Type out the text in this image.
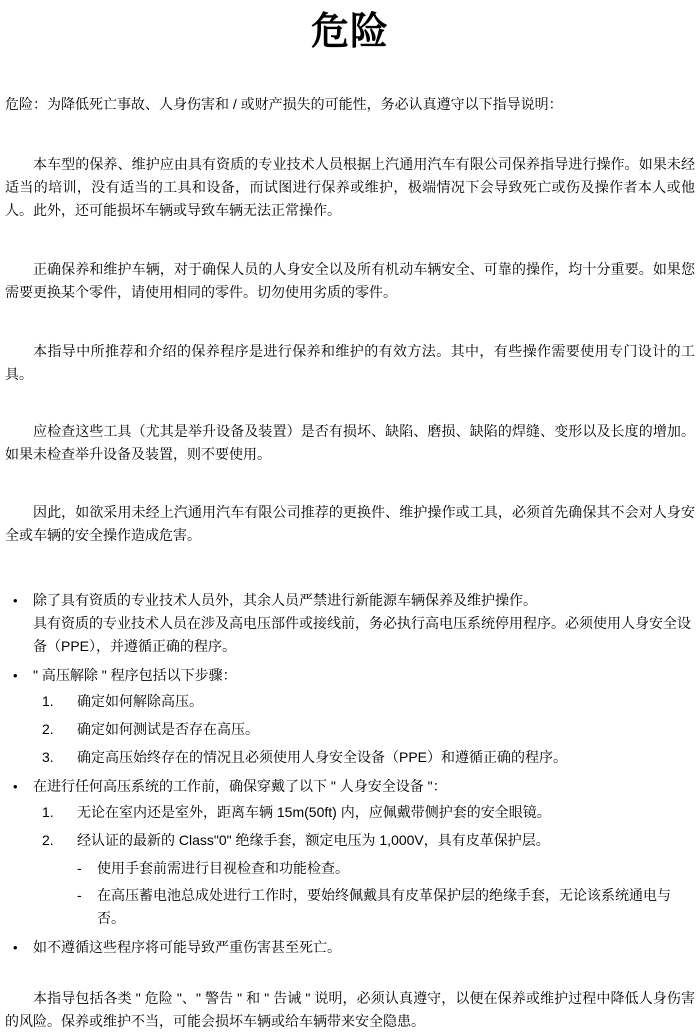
危险

危险：为降低死亡事故、人身伤害和 / 或财产损失的可能性，务必认真遵守以下指导说明：

本车型的保养、维护应由具有资质的专业技术人员根据上汽通用汽车有限公司保养指导进行操作。如果未经适当的培训，没有适当的工具和设备，而试图进行保养或维护，极端情况下会导致死亡或伤及操作者本人或他人。此外，还可能损坏车辆或导致车辆无法正常操作。

正确保养和维护车辆，对于确保人员的人身安全以及所有机动车辆安全、可靠的操作，均十分重要。如果您需要更换某个零件，请使用相同的零件。切勿使用劣质的零件。

本指导中所推荐和介绍的保养程序是进行保养和维护的有效方法。其中，有些操作需要使用专门设计的工具。

应检查这些工具（尤其是举升设备及装置）是否有损坏、缺陷、磨损、缺陷的焊缝、变形以及长度的增加。如果未检查举升设备及装置，则不要使用。

因此，如欲采用未经上汽通用汽车有限公司推荐的更换件、维护操作或工具，必须首先确保其不会对人身安全或车辆的安全操作造成危害。

• 除了具有资质的专业技术人员外，其余人员严禁进行新能源车辆保养及维护操作。
具有资质的专业技术人员在涉及高电压部件或接线前，务必执行高电压系统停用程序。必须使用人身安全设备（PPE），并遵循正确的程序。
• " 高压解除 " 程序包括以下步骤：
1. 确定如何解除高压。
2. 确定如何测试是否存在高压。
3. 确定高压始终存在的情况且必须使用人身安全设备（PPE）和遵循正确的程序。
• 在进行任何高压系统的工作前，确保穿戴了以下 " 人身安全设备 "：
1. 无论在室内还是室外，距离车辆 15m(50ft) 内，应佩戴带侧护套的安全眼镜。
2. 经认证的最新的 Class"0" 绝缘手套，额定电压为 1,000V，具有皮革保护层。
- 使用手套前需进行目视检查和功能检查。
- 在高压蓄电池总成处进行工作时，要始终佩戴具有皮革保护层的绝缘手套，无论该系统通电与否。
• 如不遵循这些程序将可能导致严重伤害甚至死亡。

本指导包括各类 " 危险 "、" 警告 " 和 " 告诫 " 说明，必须认真遵守，以便在保养或维护过程中降低人身伤害的风险。保养或维护不当，可能会损坏车辆或给车辆带来安全隐患。
